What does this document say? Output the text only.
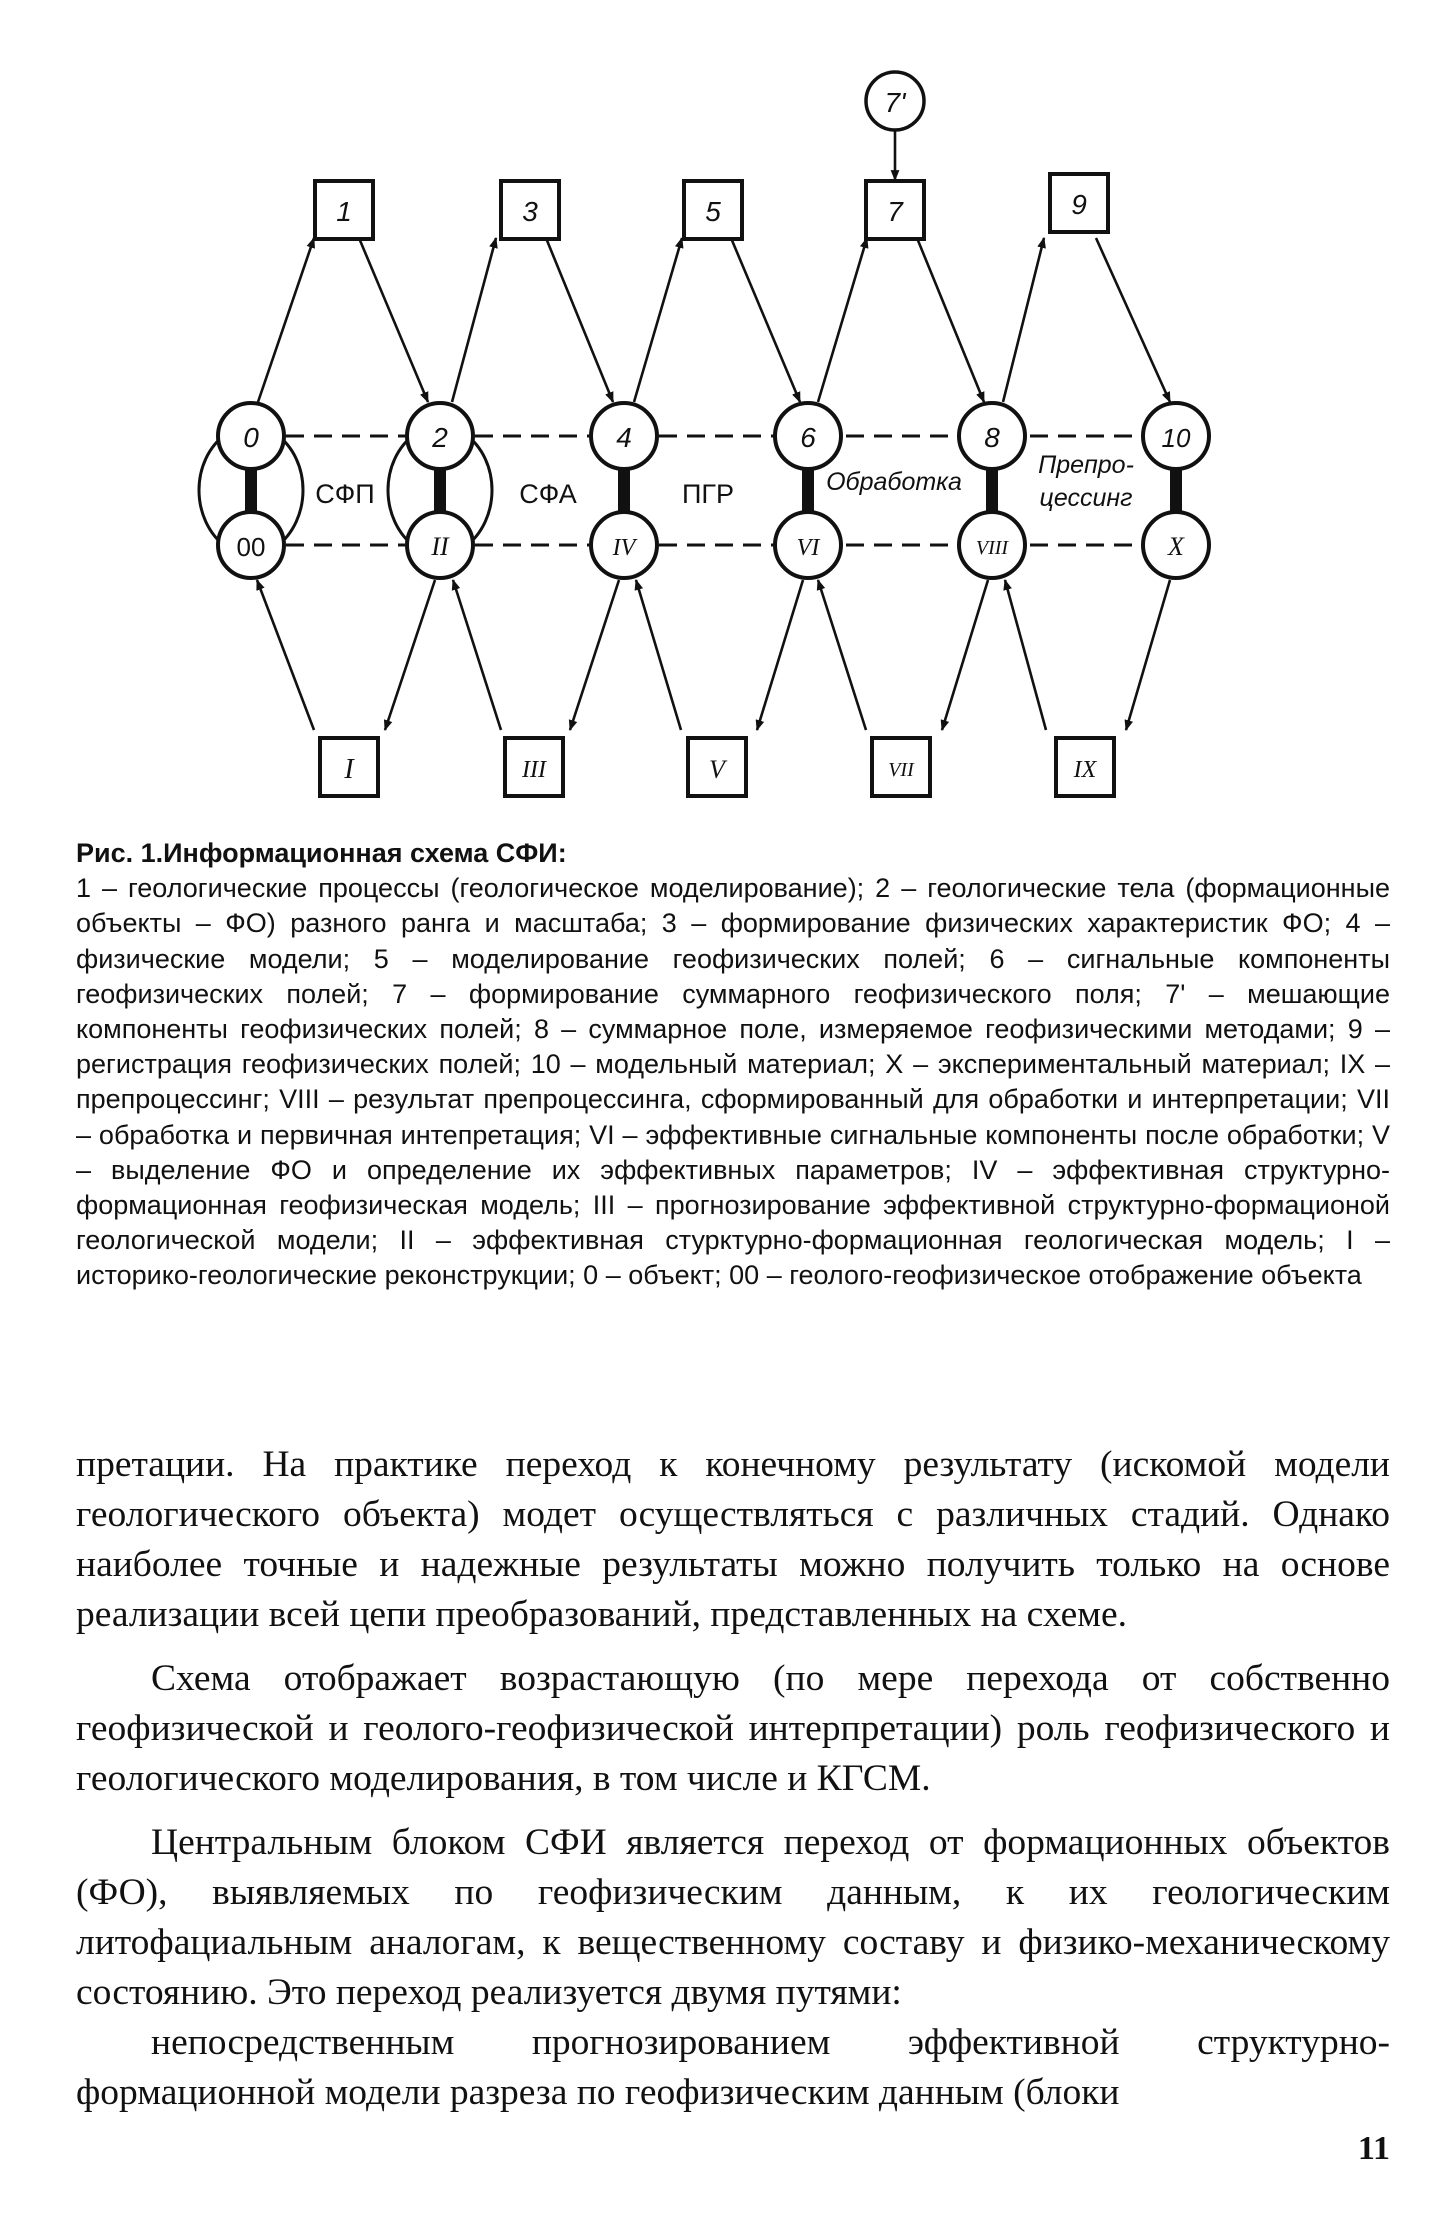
1	3	5	7	9
7'
0	2	4	6	8	10
00	II	IV	VI	VIII	X
I	III	V	VII	IX
СФП	СФА	ПГР	Обработка
Препро-
цессинг
Рис. 1.Информационная схема СФИ:
1 – геологические процессы (геологическое моделирование); 2 – геологические тела (формационные объекты – ФО) разного ранга и масштаба; 3 – формирование физических характеристик ФО; 4 – физические модели; 5 – моделирование геофизических полей; 6 – сигнальные компоненты геофизических полей; 7 – формирование суммарного геофизического поля; 7' – мешающие компоненты геофизических полей; 8 – суммарное поле, измеряемое геофизическими методами; 9 – регистрация геофизических полей; 10 – модельный материал; X – экспериментальный материал; IX – препроцессинг; VIII – результат препроцессинга, сформированный для обработки и интерпретации; VII – обработка и первичная интепретация; VI – эффективные сигнальные компоненты после обработки; V – выделение ФО и определение их эффективных параметров; IV – эффективная структурно-формационная геофизическая модель; III – прогнозирование эффективной структурно-формационой геологической модели; II – эффективная стурктурно-формационная геологическая модель; I – историко-геологические реконструкции; 0 – объект; 00 – геолого-геофизическое отображение объекта

претации. На практике переход к конечному результату (искомой модели геологического объекта) модет осуществляться с различных стадий. Однако наиболее точные и надежные результаты можно получить только на основе реализации всей цепи преобразований, представленных на схеме.

Схема отображает возрастающую (по мере перехода от собственно геофизической и геолого-геофизической интерпретации) роль геофизического и геологического моделирования, в том числе и КГСМ.

Центральным блоком СФИ является переход от формационных объектов (ФО), выявляемых по геофизическим данным, к их геологическим литофациальным аналогам, к вещественному составу и физико-механическому состоянию. Это переход реализуется двумя путями:

непосредственным прогнозированием эффективной структурно-формационной модели разреза по геофизическим данным (блоки

11
